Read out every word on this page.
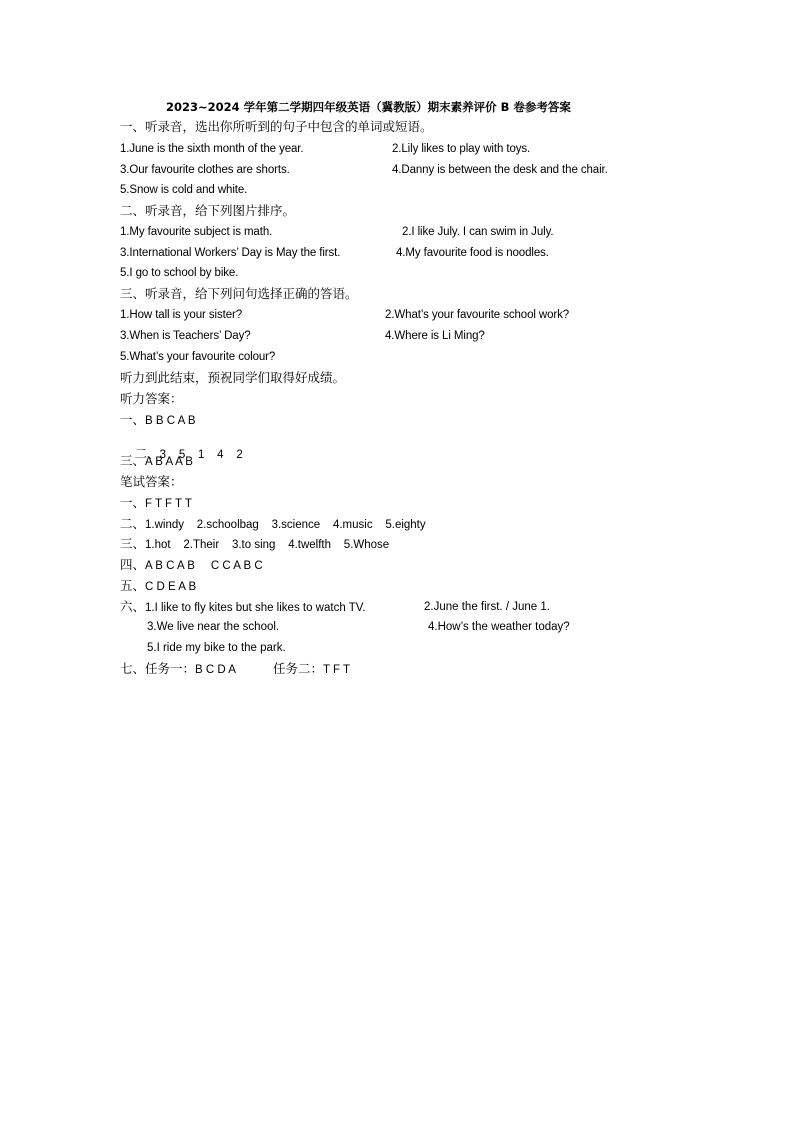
2023~2024 学年第二学期四年级英语（冀教版）期末素养评价 B 卷参考答案
一、听录音，选出你所听到的句子中包含的单词或短语。
1.June is the sixth month of the year.	2.Lily likes to play with toys.
3.Our favourite clothes are shorts.	4.Danny is between the desk and the chair.
5.Snow is cold and white.
二、听录音，给下列图片排序。
1.My favourite subject is math.	2.I like July. I can swim in July.
3.International Workers’ Day is May the first.	4.My favourite food is noodles.
5.I go to school by bike.
三、听录音，给下列问句选择正确的答语。
1.How tall is your sister?	2.What’s your favourite school work?
3.When is Teachers’ Day?	4.Where is Li Ming?
5.What’s your favourite colour?
听力到此结束，预祝同学们取得好成绩。
听力答案：
一、B B C A B

二、3    5    1    4    2

三、A B A A B
笔试答案：
一、F T F T T
二、1.windy    2.schoolbag    3.science    4.music    5.eighty
三、1.hot    2.Their    3.to sing    4.twelfth    5.Whose
四、A B C A B     C C A B C
五、C D E A B
六、1.I like to fly kites but she likes to watch TV.	2.June the first. / June 1.
3.We live near the school.	4.How’s the weather today?
5.I ride my bike to the park.
七、任务一：B C D A	任务二：T F T
